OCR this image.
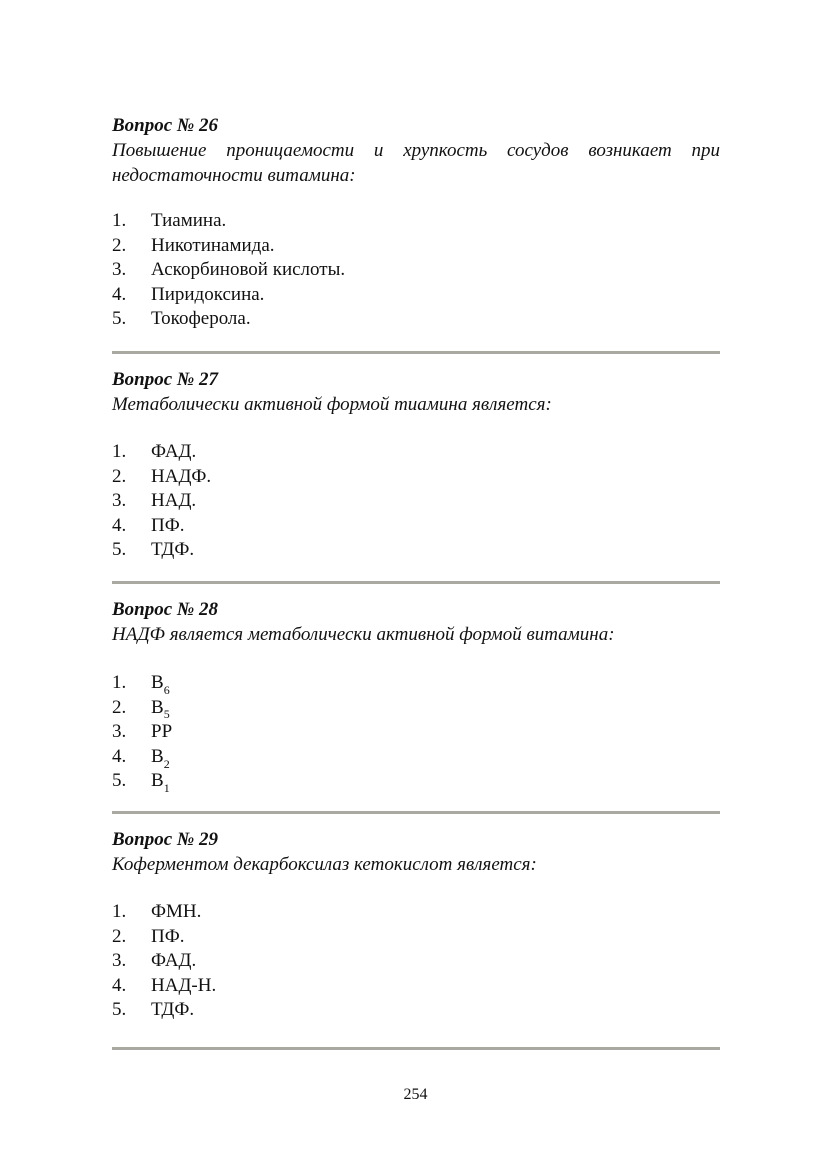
Вопрос № 26

Повышение проницаемости и хрупкость сосудов возникает при недостаточности витамина:

1. Тиамина.
2. Никотинамида.
3. Аскорбиновой кислоты.
4. Пиридоксина.
5. Токоферола.

Вопрос № 27

Метаболически активной формой тиамина является:

1. ФАД.
2. НАДФ.
3. НАД.
4. ПФ.
5. ТДФ.

Вопрос № 28

НАДФ является метаболически активной формой витамина:

1. $B_6$
2. $B_5$
3. PP
4. $B_2$
5. $B_1$

Вопрос № 29

Коферментом декарбоксилаз кетокислот является:

1. ФМН.
2. ПФ.
3. ФАД.
4. НАД-Н.
5. ТДФ.
254
